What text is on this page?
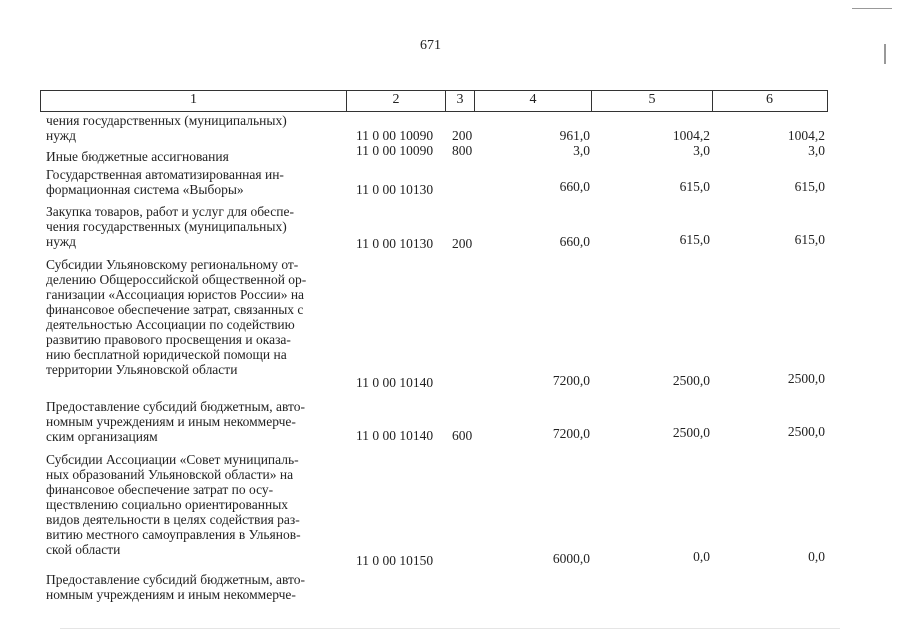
671
1	2	3	4	5	6
чения государственных (муниципальных)
нужд	11 0 00 10090 200	961,0	1004,2	1004,2
Иные бюджетные ассигнования	11 0 00 10090 800	3,0	3,0	3,0
Государственная автоматизированная ин-
формационная система «Выборы»	11 0 00 10130	660,0	615,0	615,0
Закупка товаров, работ и услуг для обеспе-
чения государственных (муниципальных)
нужд	11 0 00 10130 200	660,0	615,0	615,0
Субсидии Ульяновскому региональному от-
делению Общероссийской общественной ор-
ганизации «Ассоциация юристов России» на
финансовое обеспечение затрат, связанных с
деятельностью Ассоциации по содействию
развитию правового просвещения и оказа-
нию бесплатной юридической помощи на
территории Ульяновской области
11 0 00 10140	7200,0	2500,0	2500,0
Предоставление субсидий бюджетным, авто-
номным учреждениям и иным некоммерче-
ским организациям	11 0 00 10140 600	7200,0	2500,0	2500,0
Субсидии Ассоциации «Совет муниципаль-
ных образований Ульяновской области» на
финансовое обеспечение затрат по осу-
ществлению социально ориентированных
видов деятельности в целях содействия раз-
витию местного самоуправления в Ульянов-
ской области
11 0 00 10150	6000,0	0,0	0,0
Предоставление субсидий бюджетным, авто-
номным учреждениям и иным некоммерче-
